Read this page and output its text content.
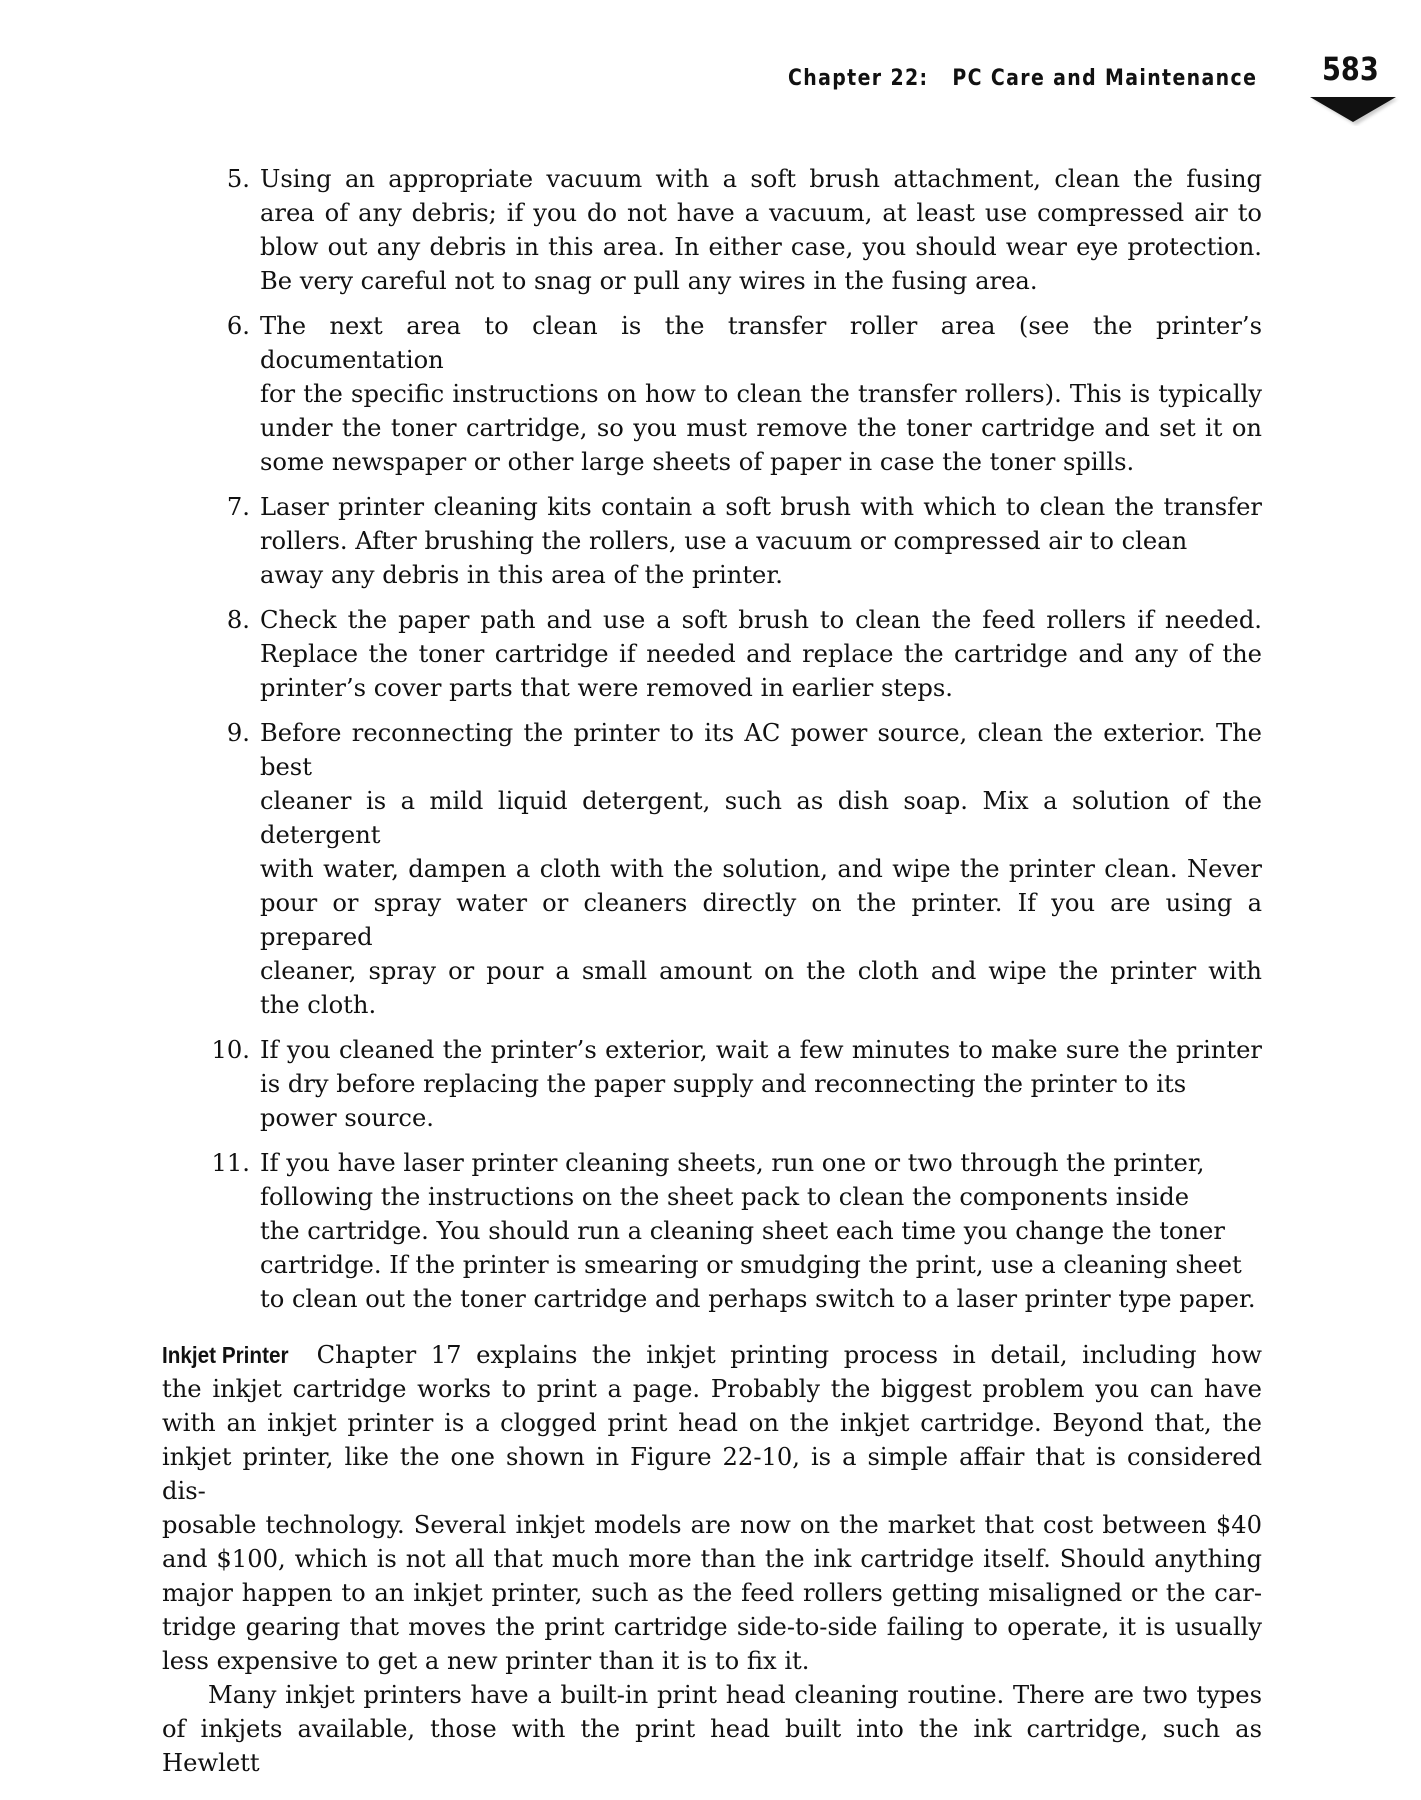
Chapter 22:   PC Care and Maintenance 583
5. Using an appropriate vacuum with a soft brush attachment, clean the fusing
area of any debris; if you do not have a vacuum, at least use compressed air to
blow out any debris in this area. In either case, you should wear eye protection.
Be very careful not to snag or pull any wires in the fusing area.
6. The next area to clean is the transfer roller area (see the printer’s documentation
for the specific instructions on how to clean the transfer rollers). This is typically
under the toner cartridge, so you must remove the toner cartridge and set it on
some newspaper or other large sheets of paper in case the toner spills.
7. Laser printer cleaning kits contain a soft brush with which to clean the transfer
rollers. After brushing the rollers, use a vacuum or compressed air to clean
away any debris in this area of the printer.
8. Check the paper path and use a soft brush to clean the feed rollers if needed.
Replace the toner cartridge if needed and replace the cartridge and any of the
printer’s cover parts that were removed in earlier steps.
9. Before reconnecting the printer to its AC power source, clean the exterior. The best
cleaner is a mild liquid detergent, such as dish soap. Mix a solution of the detergent
with water, dampen a cloth with the solution, and wipe the printer clean. Never
pour or spray water or cleaners directly on the printer. If you are using a prepared
cleaner, spray or pour a small amount on the cloth and wipe the printer with
the cloth.
10. If you cleaned the printer’s exterior, wait a few minutes to make sure the printer
is dry before replacing the paper supply and reconnecting the printer to its
power source.
11. If you have laser printer cleaning sheets, run one or two through the printer,
following the instructions on the sheet pack to clean the components inside
the cartridge. You should run a cleaning sheet each time you change the toner
cartridge. If the printer is smearing or smudging the print, use a cleaning sheet
to clean out the toner cartridge and perhaps switch to a laser printer type paper.
Inkjet Printer Chapter 17 explains the inkjet printing process in detail, including how
the inkjet cartridge works to print a page. Probably the biggest problem you can have
with an inkjet printer is a clogged print head on the inkjet cartridge. Beyond that, the
inkjet printer, like the one shown in Figure 22-10, is a simple affair that is considered dis-
posable technology. Several inkjet models are now on the market that cost between $40
and $100, which is not all that much more than the ink cartridge itself. Should anything
major happen to an inkjet printer, such as the feed rollers getting misaligned or the car-
tridge gearing that moves the print cartridge side-to-side failing to operate, it is usually
less expensive to get a new printer than it is to fix it.
Many inkjet printers have a built-in print head cleaning routine. There are two types
of inkjets available, those with the print head built into the ink cartridge, such as Hewlett
